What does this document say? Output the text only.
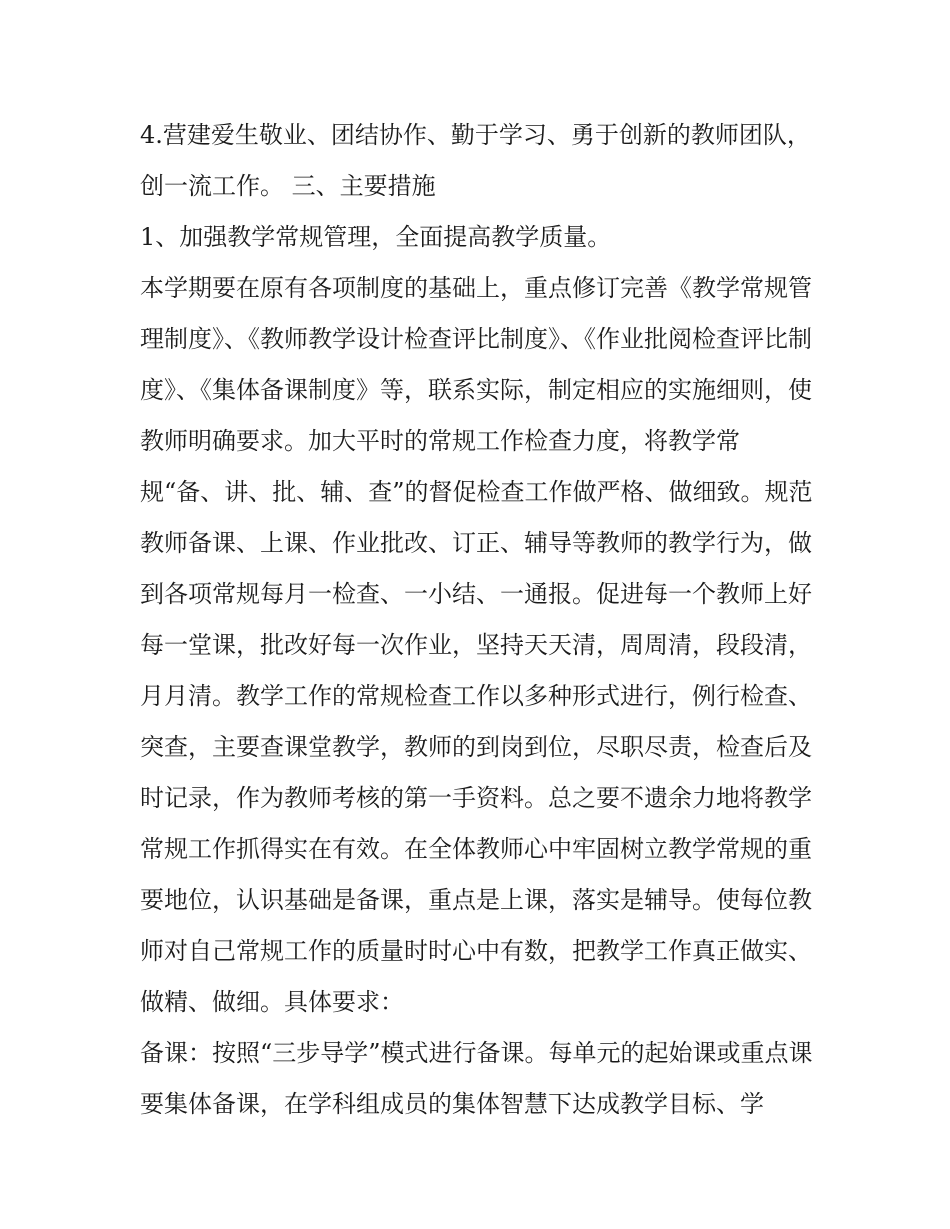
4.营建爱生敬业、团结协作、勤于学习、勇于创新的教师团队，创一流工作。 三、主要措施

1、加强教学常规管理，全面提高教学质量。

本学期要在原有各项制度的基础上，重点修订完善《教学常规管理制度》、《教师教学设计检查评比制度》、《作业批阅检查评比制度》、《集体备课制度》等，联系实际，制定相应的实施细则，使教师明确要求。加大平时的常规工作检查力度，将教学常规“备、讲、批、辅、查”的督促检查工作做严格、做细致。规范教师备课、上课、作业批改、订正、辅导等教师的教学行为，做到各项常规每月一检查、一小结、一通报。促进每一个教师上好每一堂课，批改好每一次作业，坚持天天清，周周清，段段清，月月清。教学工作的常规检查工作以多种形式进行，例行检查、突查，主要查课堂教学，教师的到岗到位，尽职尽责，检查后及时记录，作为教师考核的第一手资料。总之要不遗余力地将教学常规工作抓得实在有效。在全体教师心中牢固树立教学常规的重要地位，认识基础是备课，重点是上课，落实是辅导。使每位教师对自己常规工作的质量时时心中有数，把教学工作真正做实、做精、做细。具体要求：

备课：按照“三步导学”模式进行备课。每单元的起始课或重点课要集体备课，在学科组成员的集体智慧下达成教学目标、学
